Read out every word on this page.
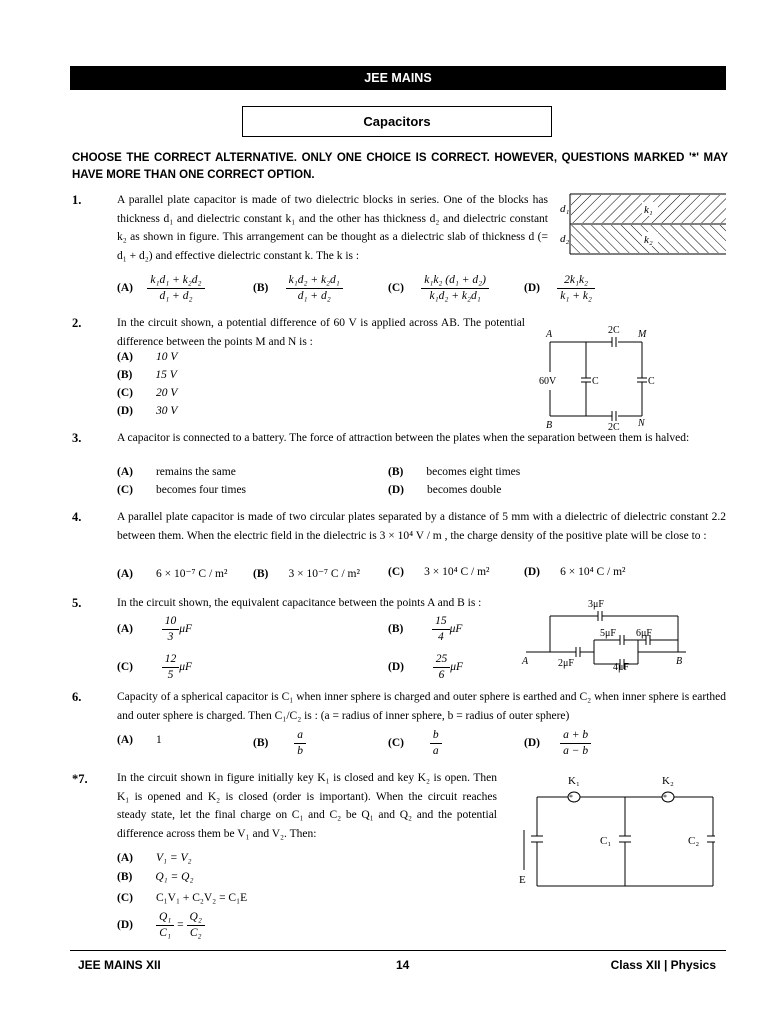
JEE MAINS
Capacitors
CHOOSE THE CORRECT ALTERNATIVE. ONLY ONE CHOICE IS CORRECT. HOWEVER, QUESTIONS MARKED '*' MAY HAVE MORE THAN ONE CORRECT OPTION.
1.	A parallel plate capacitor is made of two dielectric blocks in series. One of the blocks has thickness d₁ and dielectric constant k₁ and the other has thickness d₂ and dielectric constant k₂ as shown in figure. This arrangement can be thought as a dielectric slab of thickness d (= d₁ + d₂) and effective dielectric constant k. The k is :
d₁
d₂
k₁
k₂
$(A) \frac{\text{k₁d₁ + k₂d₂}}{\text{d₁ + d₂}}$	$(B) \frac{\text{k₁d₂ + k₂d₁}}{\text{d₁ + d₂}}$	$(C) \frac{\text{k₁k₂ (d₁ + d₂)}}{\text{k₁d₂ + k₂d₁}}$	$(D) \frac{\text{2k₁k₂}}{\text{k₁ + k₂}}$
2.	In the circuit shown, a potential difference of 60 V is applied across AB. The potential difference between the points M and N is :
(A) 10 V
(B) 15 V
(C) 20 V
(D) 30 V
A	2C M
60V	C	C
B	2C N
3.	A capacitor is connected to a battery. The force of attraction between the plates when the separation between them is halved:
(A) remains the same	(B) becomes eight times
(C) becomes four times	(D) becomes double
4.	A parallel plate capacitor is made of two circular plates separated by a distance of 5 mm with a dielectric of dielectric constant 2.2 between them. When the electric field in the dielectric is 3 × 10⁴ V / m , the charge density of the positive plate will be close to :
(A) 6 × 10⁻⁷ C / m² (B) 3 × 10⁻⁷ C / m² (C) 3 × 10⁴ C / m²	(D) 6 × 10⁴ C / m²
5.	In the circuit shown, the equivalent capacitance between the points A and B is :
(A)	$\frac{10}{3}$ μF	(B)	$\frac{15}{4}$ μF
(C)	$\frac{12}{5}$ μF	(D)	$\frac{25}{6}$ μF
3μF
5μF 6μF
2μF	4μF
A	B
6.	Capacity of a spherical capacitor is C₁ when inner sphere is charged and outer sphere is earthed and C₂ when inner sphere is earthed and outer sphere is charged. Then C₁/C₂ is : (a = radius of inner sphere, b = radius of outer sphere)
(A) 1	$(B) \frac{a}{b}$	$(C) \frac{b}{a}$	$(D) \frac{a + b}{a - b}$
*7.	In the circuit shown in figure initially key K₁ is closed and key K₂ is open. Then K₁ is opened and K₂ is closed (order is important). When the circuit reaches steady state, let the final charge on C₁ and C₂ be Q₁ and Q₂ and the potential difference across them be V₁ and V₂. Then:
(A) V₁ = V₂
(B) Q₁ = Q₂
(C) C₁V₁ + C₂V₂ = C₁E
$(D) \frac{\text{Q₁}}{\text{C₁}} = \frac{\text{Q₂}}{\text{C₂}}$
*	*
K₁	K₂
C₁	C₂
E
JEE MAINS XII	14	Class XII | Physics
